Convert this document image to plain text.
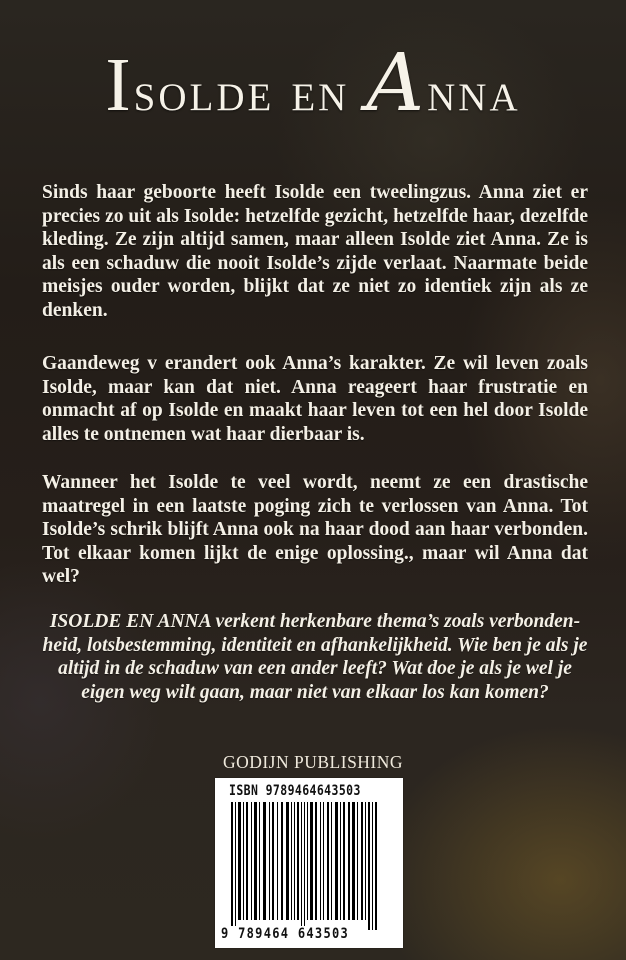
Isolde en Anna

Sinds haar geboorte heeft Isolde een tweelingzus. Anna ziet er precies zo uit als Isolde: hetzelfde gezicht, hetzelfde haar, dezelfde kleding. Ze zijn altijd samen, maar alleen Isolde ziet Anna. Ze is als een schaduw die nooit Isolde’s zijde verlaat. Naarmate beide meisjes ouder worden, blijkt dat ze niet zo identiek zijn als ze denken.

Gaandeweg v erandert ook Anna’s karakter. Ze wil leven zoals Isolde, maar kan dat niet. Anna reageert haar frustratie en onmacht af op Isolde en maakt haar leven tot een hel door Isolde alles te ontnemen wat haar dierbaar is.

Wanneer het Isolde te veel wordt, neemt ze een drastische maatregel in een laatste poging zich te verlossen van Anna. Tot Isolde’s schrik blijft Anna ook na haar dood aan haar verbonden. Tot elkaar komen lijkt de enige oplossing., maar wil Anna dat wel?

ISOLDE EN ANNA verkent herkenbare thema’s zoals verbondenheid, lotsbestemming, identiteit en afhankelijkheid. Wie ben je als je altijd in de schaduw van een ander leeft? Wat doe je als je wel je eigen weg wilt gaan, maar niet van elkaar los kan komen?

GODIJN PUBLISHING

ISBN 9789464643503
9 789464 643503
